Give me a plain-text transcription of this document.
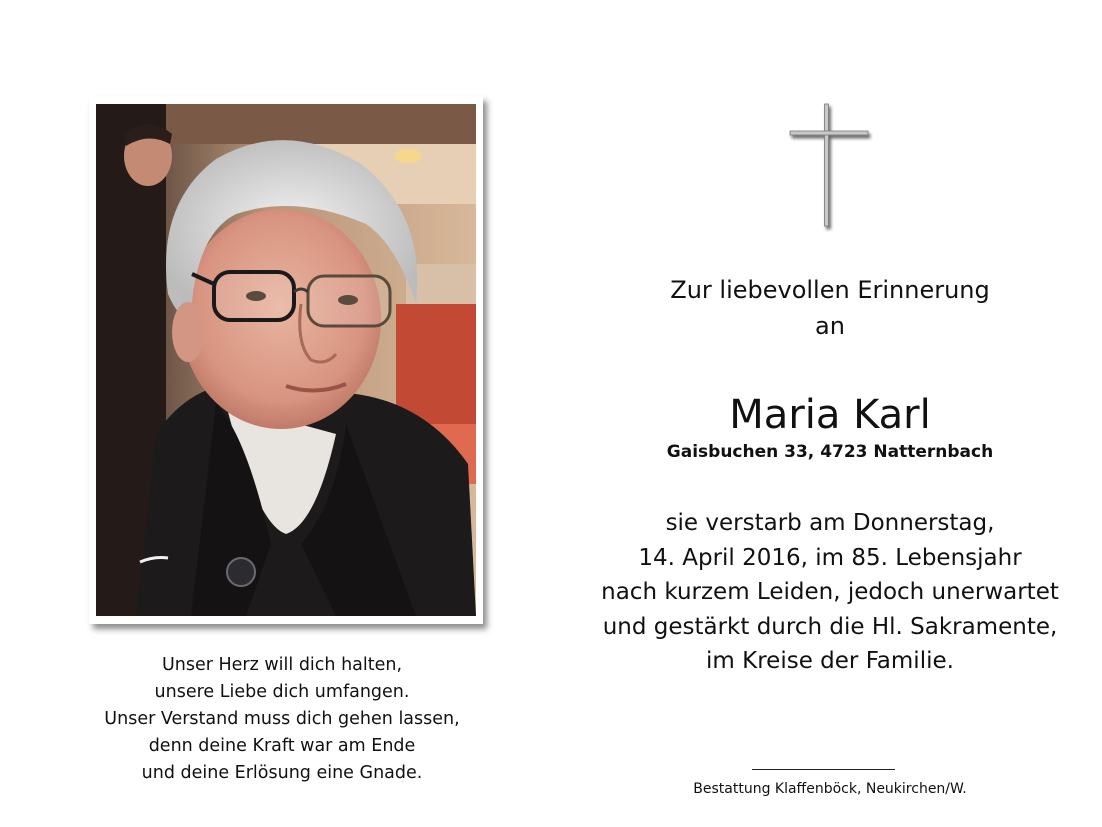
Unser Herz will dich halten,
unsere Liebe dich umfangen.
Unser Verstand muss dich gehen lassen,
denn deine Kraft war am Ende
und deine Erlösung eine Gnade.
Zur liebevollen Erinnerung
an
Maria Karl
Gaisbuchen 33, 4723 Natternbach
sie verstarb am Donnerstag,
14. April 2016, im 85. Lebensjahr
nach kurzem Leiden, jedoch unerwartet
und gestärkt durch die Hl. Sakramente,
im Kreise der Familie.
Bestattung Klaffenböck, Neukirchen/W.
